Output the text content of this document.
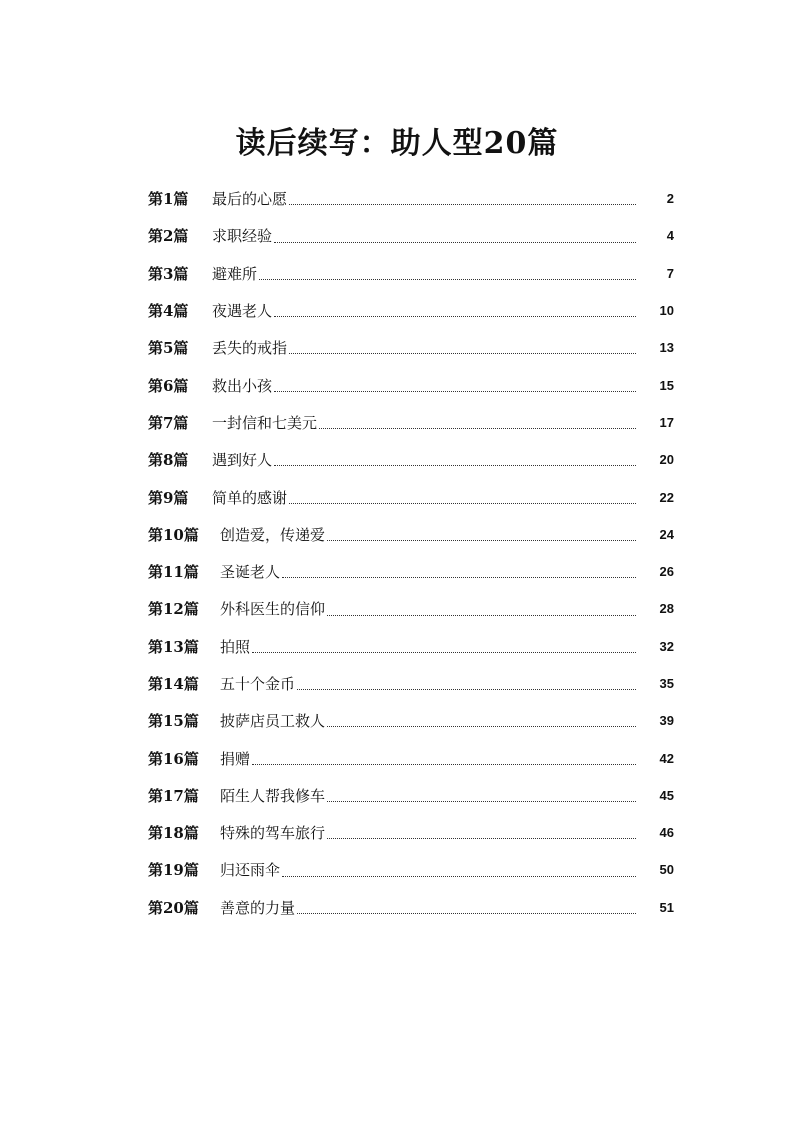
读后续写：助人型20篇
第1篇	最后的心愿	2
第2篇	求职经验	4
第3篇	避难所	7
第4篇	夜遇老人	10
第5篇	丢失的戒指	13
第6篇	救出小孩	15
第7篇	一封信和七美元	17
第8篇	遇到好人	20
第9篇	简单的感谢	22
第10篇	创造爱，传递爱	24
第11篇	圣诞老人	26
第12篇	外科医生的信仰	28
第13篇	拍照	32
第14篇	五十个金币	35
第15篇	披萨店员工救人	39
第16篇	捐赠	42
第17篇	陌生人帮我修车	45
第18篇	特殊的驾车旅行	46
第19篇	归还雨伞	50
第20篇	善意的力量	51
